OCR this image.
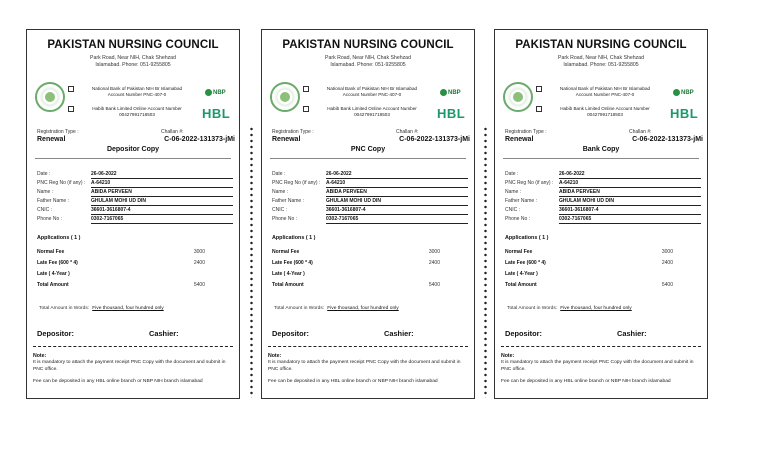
PAKISTAN NURSING COUNCIL
Park Road, Near NIH, Chak Shehzad
Islamabad. Phone: 051-9255805
National Bank of Pakistan NIH Br Islamabad
Account Number PNC-407-0	NBP
Habib Bank Limited Online Account Number
00427991718503	HBL
Registration Type :
Renewal
Challan #:
C-06-2022-131373-jMi
Depositor Copy
Date :	26-06-2022
PNC Reg No (if any) : A-64210
Name :	ABIDA PERVEEN
Father Name :	GHULAM MOHI UD DIN
CNIC :	36601-3616807-4
Phone No :	0302-7167065
Applications ( 1 )
Normal Fee	3000
Late Fee (600 * 4)	2400
Late ( 4-Year )
Total Amount	5400
Total Amount in Words: Five thousand, four hundred only
Depositor:	Cashier:
Note:
It is mandatory to attach the payment receipt PNC Copy with the document and submit in PNC office.
Fee can be deposited in any HBL online branch or NBP NIH branch islamabad
PAKISTAN NURSING COUNCIL
Park Road, Near NIH, Chak Shehzad
Islamabad. Phone: 051-9255805
National Bank of Pakistan NIH Br Islamabad
Account Number PNC-407-0	NBP
Habib Bank Limited Online Account Number
00427991718503	HBL
Registration Type :
Renewal
Challan #:
C-06-2022-131373-jMi
PNC Copy
Date :	26-06-2022
PNC Reg No (if any) : A-64210
Name :	ABIDA PERVEEN
Father Name :	GHULAM MOHI UD DIN
CNIC :	36601-3616807-4
Phone No :	0302-7167065
Applications ( 1 )
Normal Fee	3000
Late Fee (600 * 4)	2400
Late ( 4-Year )
Total Amount	5400
Total Amount in Words: Five thousand, four hundred only
Depositor:	Cashier:
Note:
It is mandatory to attach the payment receipt PNC Copy with the document and submit in PNC office.
Fee can be deposited in any HBL online branch or NBP NIH branch islamabad
PAKISTAN NURSING COUNCIL
Park Road, Near NIH, Chak Shehzad
Islamabad. Phone: 051-9255805
National Bank of Pakistan NIH Br Islamabad
Account Number PNC-407-0	NBP
Habib Bank Limited Online Account Number
00427991718503	HBL
Registration Type :
Renewal
Challan #:
C-06-2022-131373-jMi
Bank Copy
Date :	26-06-2022
PNC Reg No (if any) : A-64210
Name :	ABIDA PERVEEN
Father Name :	GHULAM MOHI UD DIN
CNIC :	36601-3616807-4
Phone No :	0302-7167065
Applications ( 1 )
Normal Fee	3000
Late Fee (600 * 4)	2400
Late ( 4-Year )
Total Amount	5400
Total Amount in Words: Five thousand, four hundred only
Depositor:	Cashier:
Note:
It is mandatory to attach the payment receipt PNC Copy with the document and submit in PNC office.
Fee can be deposited in any HBL online branch or NBP NIH branch islamabad
